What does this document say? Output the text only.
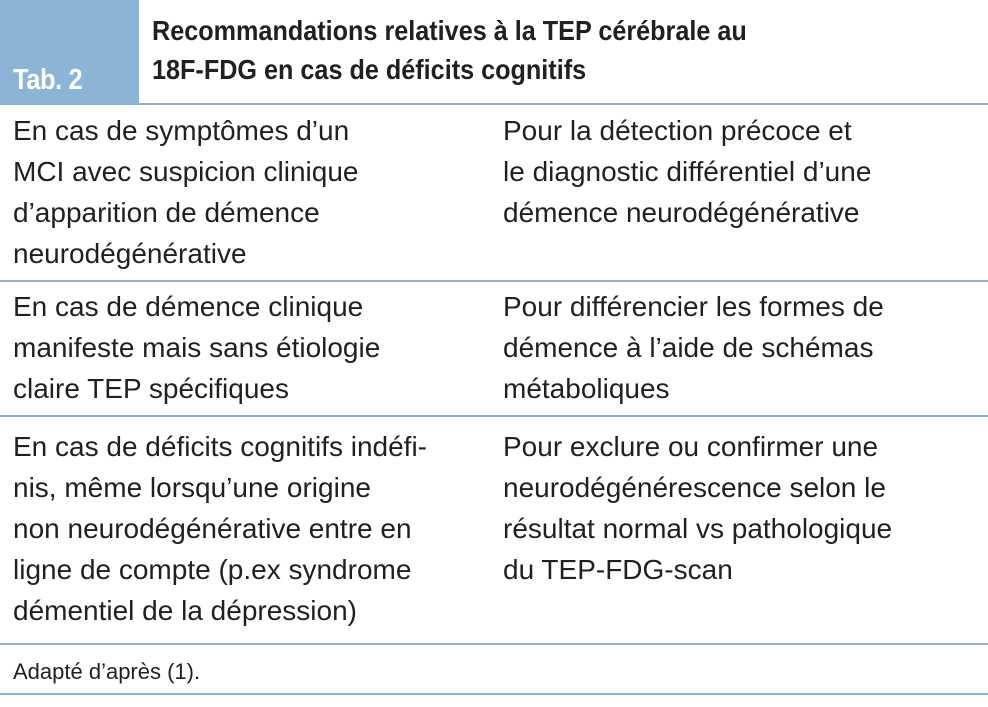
Tab. 2
Recommandations relatives à la TEP cérébrale au
18F-FDG en cas de déficits cognitifs
En cas de symptômes d’un
MCI avec suspicion clinique
d’apparition de démence
neurodégénérative
Pour la détection précoce et
le diagnostic différentiel d’une
démence neurodégénérative
En cas de démence clinique
manifeste mais sans étiologie
claire TEP spécifiques
Pour différencier les formes de
démence à l’aide de schémas
métaboliques
En cas de déficits cognitifs indéfi-
nis, même lorsqu’une origine
non neurodégénérative entre en
ligne de compte (p.ex syndrome
démentiel de la dépression)
Pour exclure ou confirmer une
neurodégénérescence selon le
résultat normal vs pathologique
du TEP-FDG-scan
Adapté d’après (1).
